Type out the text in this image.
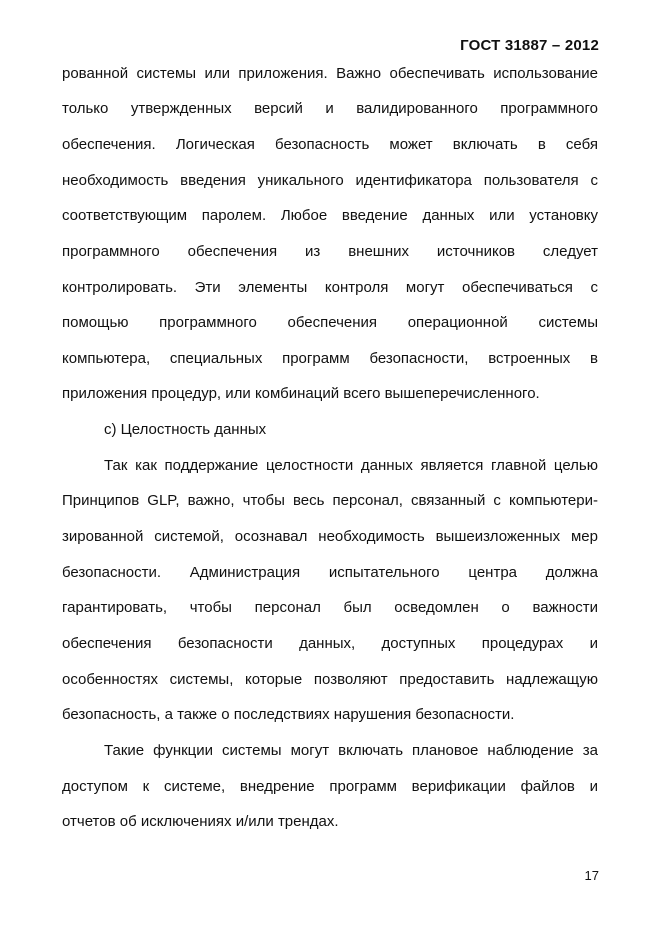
ГОСТ 31887 – 2012
рованной системы или приложения. Важно обеспечивать использование
только утвержденных версий и валидированного программного
обеспечения. Логическая безопасность может включать в себя
необходимость введения уникального идентификатора пользователя с
соответствующим паролем. Любое введение данных или установку
программного обеспечения из внешних источников следует
контролировать. Эти элементы контроля могут обеспечиваться с
помощью программного обеспечения операционной системы
компьютера, специальных программ безопасности, встроенных в
приложения процедур, или комбинаций всего вышеперечисленного.
с) Целостность данных
Так как поддержание целостности данных является главной целью
Принципов GLP, важно, чтобы весь персонал, связанный с компьютери-
зированной системой, осознавал необходимость вышеизложенных мер
безопасности. Администрация испытательного центра должна
гарантировать, чтобы персонал был осведомлен о важности
обеспечения безопасности данных, доступных процедурах и
особенностях системы, которые позволяют предоставить надлежащую
безопасность, а также о последствиях нарушения безопасности.
Такие функции системы могут включать плановое наблюдение за
доступом к системе, внедрение программ верификации файлов и
отчетов об исключениях и/или трендах.
17
